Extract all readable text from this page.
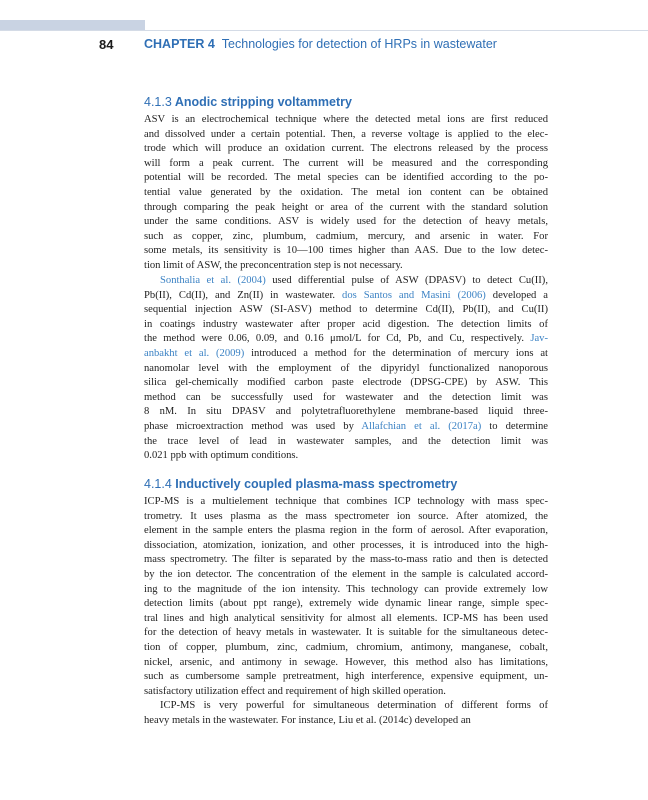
84 CHAPTER 4 Technologies for detection of HRPs in wastewater
4.1.3 Anodic stripping voltammetry
ASV is an electrochemical technique where the detected metal ions are first reduced
and dissolved under a certain potential. Then, a reverse voltage is applied to the elec-
trode which will produce an oxidation current. The electrons released by the process
will form a peak current. The current will be measured and the corresponding
potential will be recorded. The metal species can be identified according to the po-
tential value generated by the oxidation. The metal ion content can be obtained
through comparing the peak height or area of the current with the standard solution
under the same conditions. ASV is widely used for the detection of heavy metals,
such as copper, zinc, plumbum, cadmium, mercury, and arsenic in water. For
some metals, its sensitivity is 10—100 times higher than AAS. Due to the low detec-
tion limit of ASW, the preconcentration step is not necessary.
Sonthalia et al. (2004) used differential pulse of ASW (DPASV) to detect Cu(II),
Pb(II), Cd(II), and Zn(II) in wastewater. dos Santos and Masini (2006) developed a
sequential injection ASW (SI-ASV) method to determine Cd(II), Pb(II), and Cu(II)
in coatings industry wastewater after proper acid digestion. The detection limits of
the method were 0.06, 0.09, and 0.16 μmol/L for Cd, Pb, and Cu, respectively. Jav-
anbakht et al. (2009) introduced a method for the determination of mercury ions at
nanomolar level with the employment of the dipyridyl functionalized nanoporous
silica gel-chemically modified carbon paste electrode (DPSG-CPE) by ASW. This
method can be successfully used for wastewater and the detection limit was
8 nM. In situ DPASV and polytetrafluorethylene membrane-based liquid three-
phase microextraction method was used by Allafchian et al. (2017a) to determine
the trace level of lead in wastewater samples, and the detection limit was
0.021 ppb with optimum conditions.
4.1.4 Inductively coupled plasma-mass spectrometry
ICP-MS is a multielement technique that combines ICP technology with mass spec-
trometry. It uses plasma as the mass spectrometer ion source. After atomized, the
element in the sample enters the plasma region in the form of aerosol. After evaporation,
dissociation, atomization, ionization, and other processes, it is introduced into the high-
mass spectrometry. The filter is separated by the mass-to-mass ratio and then is detected
by the ion detector. The concentration of the element in the sample is calculated accord-
ing to the magnitude of the ion intensity. This technology can provide extremely low
detection limits (about ppt range), extremely wide dynamic linear range, simple spec-
tral lines and high analytical sensitivity for almost all elements. ICP-MS has been used
for the detection of heavy metals in wastewater. It is suitable for the simultaneous detec-
tion of copper, plumbum, zinc, cadmium, chromium, antimony, manganese, cobalt,
nickel, arsenic, and antimony in sewage. However, this method also has limitations,
such as cumbersome sample pretreatment, high interference, expensive equipment, un-
satisfactory utilization effect and requirement of high skilled operation.
ICP-MS is very powerful for simultaneous determination of different forms of
heavy metals in the wastewater. For instance, Liu et al. (2014c) developed an
